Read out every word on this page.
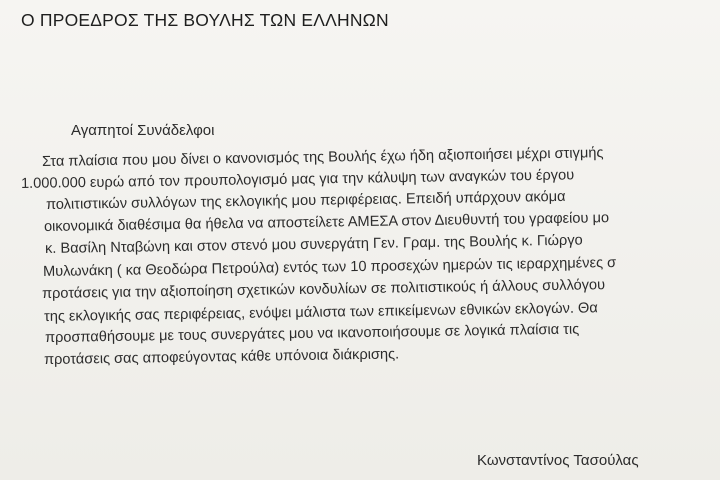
Ο ΠΡΟΕΔΡΟΣ ΤΗΣ ΒΟΥΛΗΣ ΤΩΝ ΕΛΛΗΝΩΝ
Αγαπητοί Συνάδελφοι
Στα πλαίσια που μου δίνει ο κανονισμός της Βουλής έχω ήδη αξιοποιήσει μέχρι στιγμής
1.000.000 ευρώ από τον προυπολογισμό μας για την κάλυψη των αναγκών του έργου
πολιτιστικών συλλόγων της εκλογικής μου περιφέρειας. Επειδή υπάρχουν ακόμα
οικονομικά διαθέσιμα θα ήθελα να αποστείλετε ΑΜΕΣΑ στον Διευθυντή του γραφείου μο
κ. Βασίλη Νταβώνη και στον στενό μου συνεργάτη Γεν. Γραμ. της Βουλής κ. Γιώργο
Μυλωνάκη ( κα Θεοδώρα Πετρούλα) εντός των 10 προσεχών ημερών τις ιεραρχημένες σ
προτάσεις για την αξιοποίηση σχετικών κονδυλίων σε πολιτιστικούς ή άλλους συλλόγου
της εκλογικής σας περιφέρειας, ενόψει μάλιστα των επικείμενων εθνικών εκλογών. Θα
προσπαθήσουμε με τους συνεργάτες μου να ικανοποιήσουμε σε λογικά πλαίσια τις
προτάσεις σας αποφεύγοντας κάθε υπόνοια διάκρισης.
Κωνσταντίνος Τασούλας
